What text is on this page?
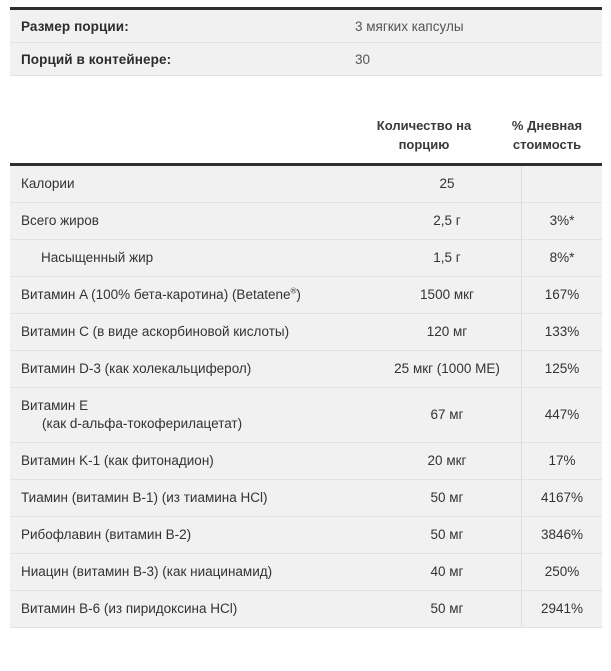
Размер порции:	3 мягких капсулы
Порций в контейнере:	30
Количество на
порцию
% Дневная
стоимость
Калории	25	
Всего жиров	2,5 г	3%*
Насыщенный жир	1,5 г	8%*
Витамин A (100% бета-каротина) (Betatene®)	1500 мкг	167%
Витамин C (в виде аскорбиновой кислоты)	120 мг	133%
Витамин D-3 (как холекальциферол)	25 мкг (1000 МЕ)	125%
Витамин E
(как d-альфа-токоферилацетат)	67 мг	447%
Витамин K-1 (как фитонадион)	20 мкг	17%
Тиамин (витамин B-1) (из тиамина HCl)	50 мг	4167%
Рибофлавин (витамин B-2)	50 мг	3846%
Ниацин (витамин B-3) (как ниацинамид)	40 мг	250%
Витамин B-6 (из пиридоксина HCl)	50 мг	2941%
